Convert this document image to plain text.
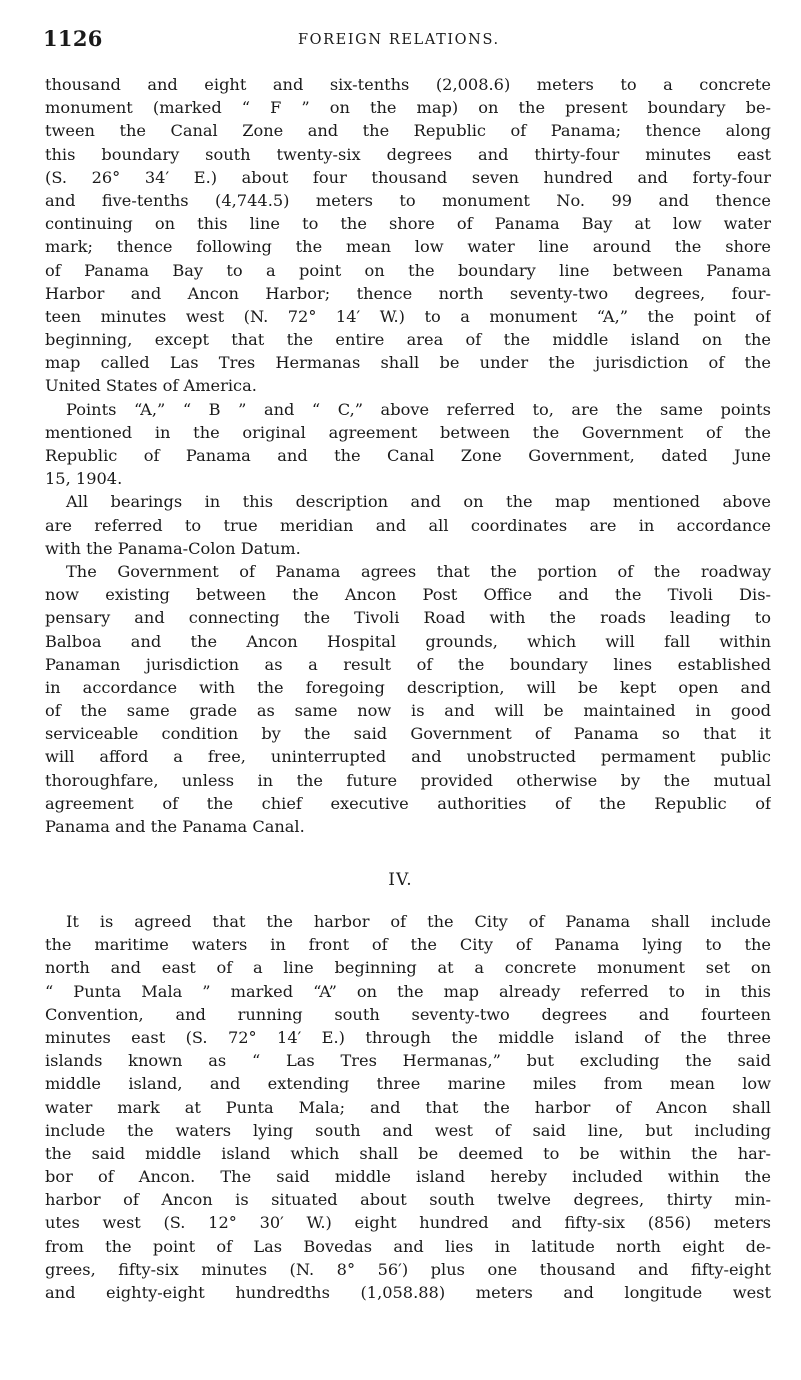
1126	FOREIGN RELATIONS.
thousand and eight and six-tenths (2,008.6) meters to a concrete
monument (marked “ F ” on the map) on the present boundary be-
tween the Canal Zone and the Republic of Panama; thence along
this boundary south twenty-six degrees and thirty-four minutes east
(S. 26° 34′ E.) about four thousand seven hundred and forty-four
and five-tenths (4,744.5) meters to monument No. 99 and thence
continuing on this line to the shore of Panama Bay at low water
mark; thence following the mean low water line around the shore
of Panama Bay to a point on the boundary line between Panama
Harbor and Ancon Harbor; thence north seventy-two degrees, four-
teen minutes west (N. 72° 14′ W.) to a monument “A,” the point of
beginning, except that the entire area of the middle island on the
map called Las Tres Hermanas shall be under the jurisdiction of the
United States of America.
Points “A,” “ B ” and “ C,” above referred to, are the same points
mentioned in the original agreement between the Government of the
Republic of Panama and the Canal Zone Government, dated June
15, 1904.
All bearings in this description and on the map mentioned above
are referred to true meridian and all coordinates are in accordance
with the Panama-Colon Datum.
The Government of Panama agrees that the portion of the roadway
now existing between the Ancon Post Office and the Tivoli Dis-
pensary and connecting the Tivoli Road with the roads leading to
Balboa and the Ancon Hospital grounds, which will fall within
Panaman jurisdiction as a result of the boundary lines established
in accordance with the foregoing description, will be kept open and
of the same grade as same now is and will be maintained in good
serviceable condition by the said Government of Panama so that it
will afford a free, uninterrupted and unobstructed permament public
thoroughfare, unless in the future provided otherwise by the mutual
agreement of the chief executive authorities of the Republic of
Panama and the Panama Canal.
IV.
It is agreed that the harbor of the City of Panama shall include
the maritime waters in front of the City of Panama lying to the
north and east of a line beginning at a concrete monument set on
“ Punta Mala ” marked “A” on the map already referred to in this
Convention, and running south seventy-two degrees and fourteen
minutes east (S. 72° 14′ E.) through the middle island of the three
islands known as “ Las Tres Hermanas,” but excluding the said
middle island, and extending three marine miles from mean low
water mark at Punta Mala; and that the harbor of Ancon shall
include the waters lying south and west of said line, but including
the said middle island which shall be deemed to be within the har-
bor of Ancon. The said middle island hereby included within the
harbor of Ancon is situated about south twelve degrees, thirty min-
utes west (S. 12° 30′ W.) eight hundred and fifty-six (856) meters
from the point of Las Bovedas and lies in latitude north eight de-
grees, fifty-six minutes (N. 8° 56′) plus one thousand and fifty-eight
and eighty-eight hundredths (1,058.88) meters and longitude west
